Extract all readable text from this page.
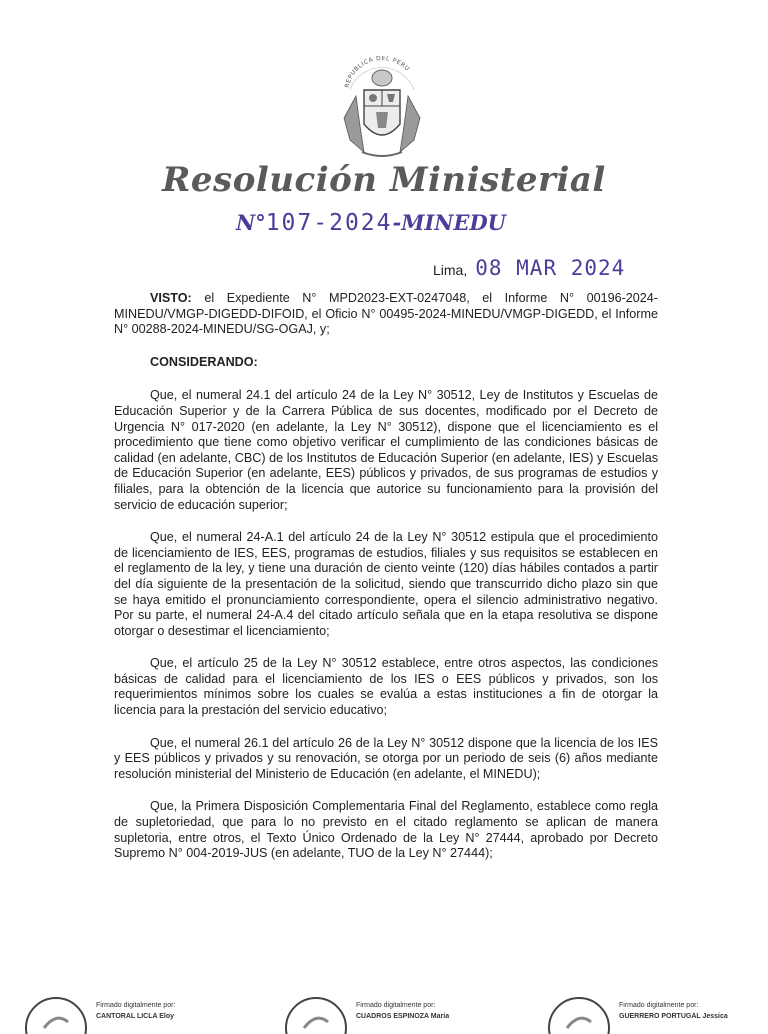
REPUBLICA DEL PERU
Resolución Ministerial
N°107-2024-MINEDU
Lima, 08 MAR 2024

VISTO: el Expediente N° MPD2023-EXT-0247048, el Informe N° 00196-2024-MINEDU/VMGP-DIGEDD-DIFOID, el Oficio N° 00495-2024-MINEDU/VMGP-DIGEDD, el Informe N° 00288-2024-MINEDU/SG-OGAJ, y;

CONSIDERANDO:

Que, el numeral 24.1 del artículo 24 de la Ley N° 30512, Ley de Institutos y Escuelas de Educación Superior y de la Carrera Pública de sus docentes, modificado por el Decreto de Urgencia N° 017-2020 (en adelante, la Ley N° 30512), dispone que el licenciamiento es el procedimiento que tiene como objetivo verificar el cumplimiento de las condiciones básicas de calidad (en adelante, CBC) de los Institutos de Educación Superior (en adelante, IES) y Escuelas de Educación Superior (en adelante, EES) públicos y privados, de sus programas de estudios y filiales, para la obtención de la licencia que autorice su funcionamiento para la provisión del servicio de educación superior;

Que, el numeral 24-A.1 del artículo 24 de la Ley N° 30512 estipula que el procedimiento de licenciamiento de IES, EES, programas de estudios, filiales y sus requisitos se establecen en el reglamento de la ley, y tiene una duración de ciento veinte (120) días hábiles contados a partir del día siguiente de la presentación de la solicitud, siendo que transcurrido dicho plazo sin que se haya emitido el pronunciamiento correspondiente, opera el silencio administrativo negativo. Por su parte, el numeral 24-A.4 del citado artículo señala que en la etapa resolutiva se dispone otorgar o desestimar el licenciamiento;

Que, el artículo 25 de la Ley N° 30512 establece, entre otros aspectos, las condiciones básicas de calidad para el licenciamiento de los IES o EES públicos y privados, son los requerimientos mínimos sobre los cuales se evalúa a estas instituciones a fin de otorgar la licencia para la prestación del servicio educativo;

Que, el numeral 26.1 del artículo 26 de la Ley N° 30512 dispone que la licencia de los IES y EES públicos y privados y su renovación, se otorga por un periodo de seis (6) años mediante resolución ministerial del Ministerio de Educación (en adelante, el MINEDU);

Que, la Primera Disposición Complementaria Final del Reglamento, establece como regla de supletoriedad, que para lo no previsto en el citado reglamento se aplican de manera supletoria, entre otros, el Texto Único Ordenado de la Ley N° 27444, aprobado por Decreto Supremo N° 004-2019-JUS (en adelante, TUO de la Ley N° 27444);

Firmado digitalmente por:
CANTORAL LICLA Eloy
Firmado digitalmente por:
CUADROS ESPINOZA Maria
Firmado digitalmente por:
GUERRERO PORTUGAL Jessica
